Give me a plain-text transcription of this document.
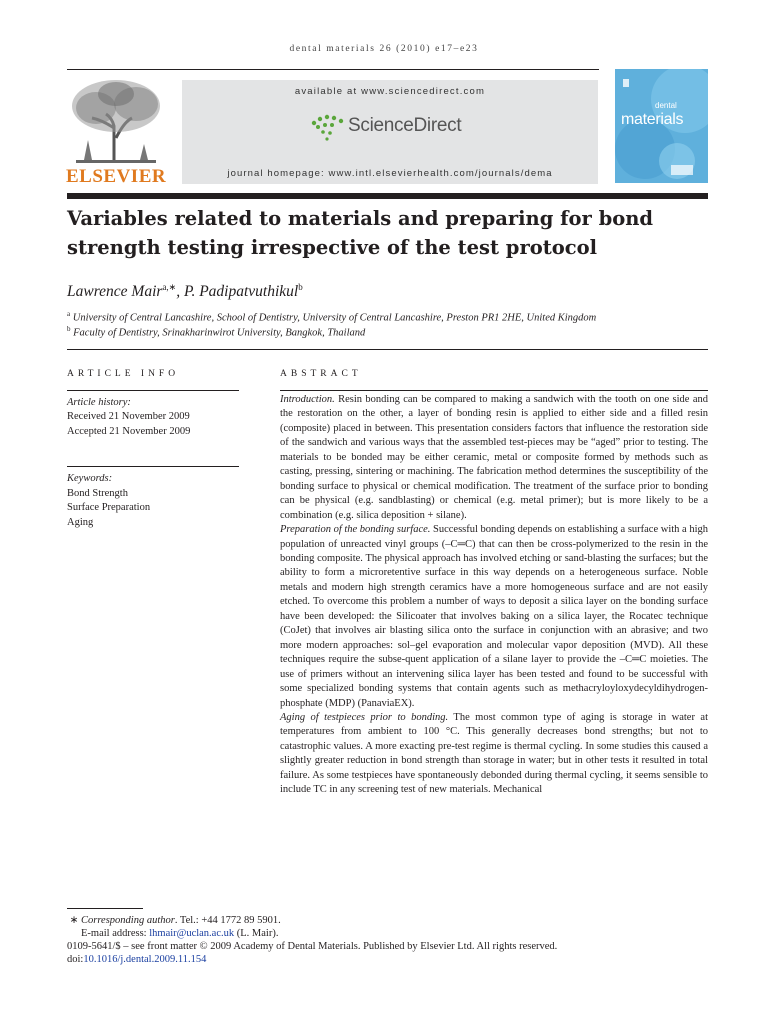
dental materials 26 (2010) e17–e23
ELSEVIER
available at www.sciencedirect.com
ScienceDirect
journal homepage: www.intl.elsevierhealth.com/journals/dema
dental
materials
Variables related to materials and preparing for bond strength testing irrespective of the test protocol
Lawrence Mair$^{a,∗}$, P. Padipatvuthikul$^b$
$^a$ University of Central Lancashire, School of Dentistry, University of Central Lancashire, Preston PR1 2HE, United Kingdom
$^b$ Faculty of Dentistry, Srinakharinwirot University, Bangkok, Thailand
ARTICLE INFO
Article history:
Received 21 November 2009
Accepted 21 November 2009
Keywords:
Bond Strength
Surface Preparation
Aging
ABSTRACT

Introduction. Resin bonding can be compared to making a sandwich with the tooth on one side and the restoration on the other, a layer of bonding resin is applied to either side and a filled resin (composite) placed in between. This presentation considers factors that influence the restoration side of the sandwich and various ways that the assembled test-pieces may be “aged” prior to testing. The materials to be bonded may be either ceramic, metal or composite formed by methods such as casting, pressing, sintering or machining. The fabrication method determines the susceptibility of the bonding surface to physical or chemical modification. The treatment of the surface prior to bonding can be physical (e.g. sandblasting) or chemical (e.g. metal primer); but is more likely to be a combination (e.g. silica deposition + silane).

Preparation of the bonding surface. Successful bonding depends on establishing a surface with a high population of unreacted vinyl groups (–C═C) that can then be cross-polymerized to the resin in the bonding composite. The physical approach has involved etching or sand-blasting the surfaces; but the ability to form a microretentive surface in this way depends on a heterogeneous surface. Noble metals and modern high strength ceramics have a more homogeneous surface and are not easily etched. To overcome this problem a number of ways to deposit a silica layer on the bonding surface have been developed: the Silicoater that involves baking on a silica layer, the Rocatec technique (CoJet) that involves air blasting silica onto the surface in conjunction with an abrasive; and two more modern approaches: sol–gel evaporation and molecular vapor deposition (MVD). All these techniques require the subse-quent application of a silane layer to provide the –C═C moieties. The use of primers without an intervening silica layer has been tested and found to be successful with some specialized bonding systems that contain agents such as methacryloyloxydecyldihydrogen-phosphate (MDP) (PanaviaEX).

Aging of testpieces prior to bonding. The most common type of aging is storage in water at temperatures from ambient to 100 °C. This generally decreases bond strengths; but not to catastrophic values. A more exacting pre-test regime is thermal cycling. In some studies this caused a slightly greater reduction in bond strength than storage in water; but in other tests it resulted in total failure. As some testpieces have spontaneously debonded during thermal cycling, it seems sensible to include TC in any screening test of new materials. Mechanical

∗ Corresponding author. Tel.: +44 1772 89 5901.
E-mail address: lhmair@uclan.ac.uk (L. Mair).
0109-5641/$ – see front matter © 2009 Academy of Dental Materials. Published by Elsevier Ltd. All rights reserved.
doi:10.1016/j.dental.2009.11.154
